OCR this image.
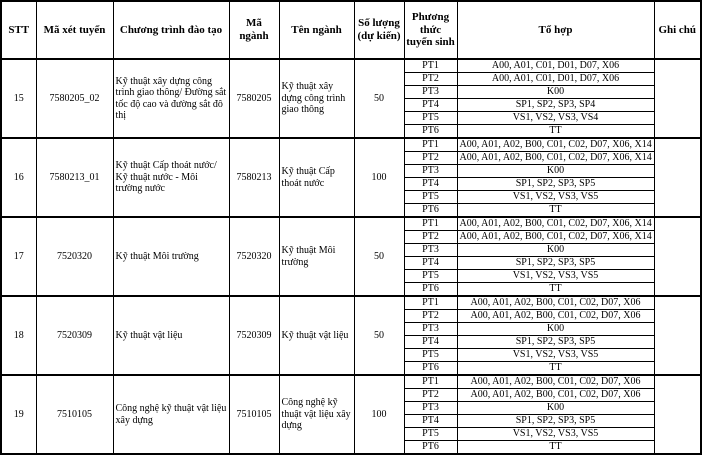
STT	Mã xét tuyển	Chương trình đào tạo	Mã ngành	Tên ngành	Số lượng (dự kiến)	Phương thức tuyển sinh	Tổ hợp	Ghi chú
15	7580205_02	Kỹ thuật xây dựng công trình giao thông/ Đường sắt tốc độ cao và đường sắt đô thị	7580205	Kỹ thuật xây dựng công trình giao thông	50	PT1	A00, A01, C01, D01, D07, X06	
						PT2	A00, A01, C01, D01, D07, X06	
						PT3	K00	
						PT4	SP1, SP2, SP3, SP4	
						PT5	VS1, VS2, VS3, VS4	
						PT6	TT	
16	7580213_01	Kỹ thuật Cấp thoát nước/ Kỹ thuật nước - Môi trường nước	7580213	Kỹ thuật Cấp thoát nước	100	PT1	A00, A01, A02, B00, C01, C02, D07, X06, X14	
						PT2	A00, A01, A02, B00, C01, C02, D07, X06, X14	
						PT3	K00	
						PT4	SP1, SP2, SP3, SP5	
						PT5	VS1, VS2, VS3, VS5	
						PT6	TT	
17	7520320	Kỹ thuật Môi trường	7520320	Kỹ thuật Môi trường	50	PT1	A00, A01, A02, B00, C01, C02, D07, X06, X14	
						PT2	A00, A01, A02, B00, C01, C02, D07, X06, X14	
						PT3	K00	
						PT4	SP1, SP2, SP3, SP5	
						PT5	VS1, VS2, VS3, VS5	
						PT6	TT	
18	7520309	Kỹ thuật vật liệu	7520309	Kỹ thuật vật liệu	50	PT1	A00, A01, A02, B00, C01, C02, D07, X06	
						PT2	A00, A01, A02, B00, C01, C02, D07, X06	
						PT3	K00	
						PT4	SP1, SP2, SP3, SP5	
						PT5	VS1, VS2, VS3, VS5	
						PT6	TT	
19	7510105	Công nghệ kỹ thuật vật liệu xây dựng	7510105	Công nghệ kỹ thuật vật liệu xây dựng	100	PT1	A00, A01, A02, B00, C01, C02, D07, X06	
						PT2	A00, A01, A02, B00, C01, C02, D07, X06	
						PT3	K00	
						PT4	SP1, SP2, SP3, SP5	
						PT5	VS1, VS2, VS3, VS5	
						PT6	TT	
